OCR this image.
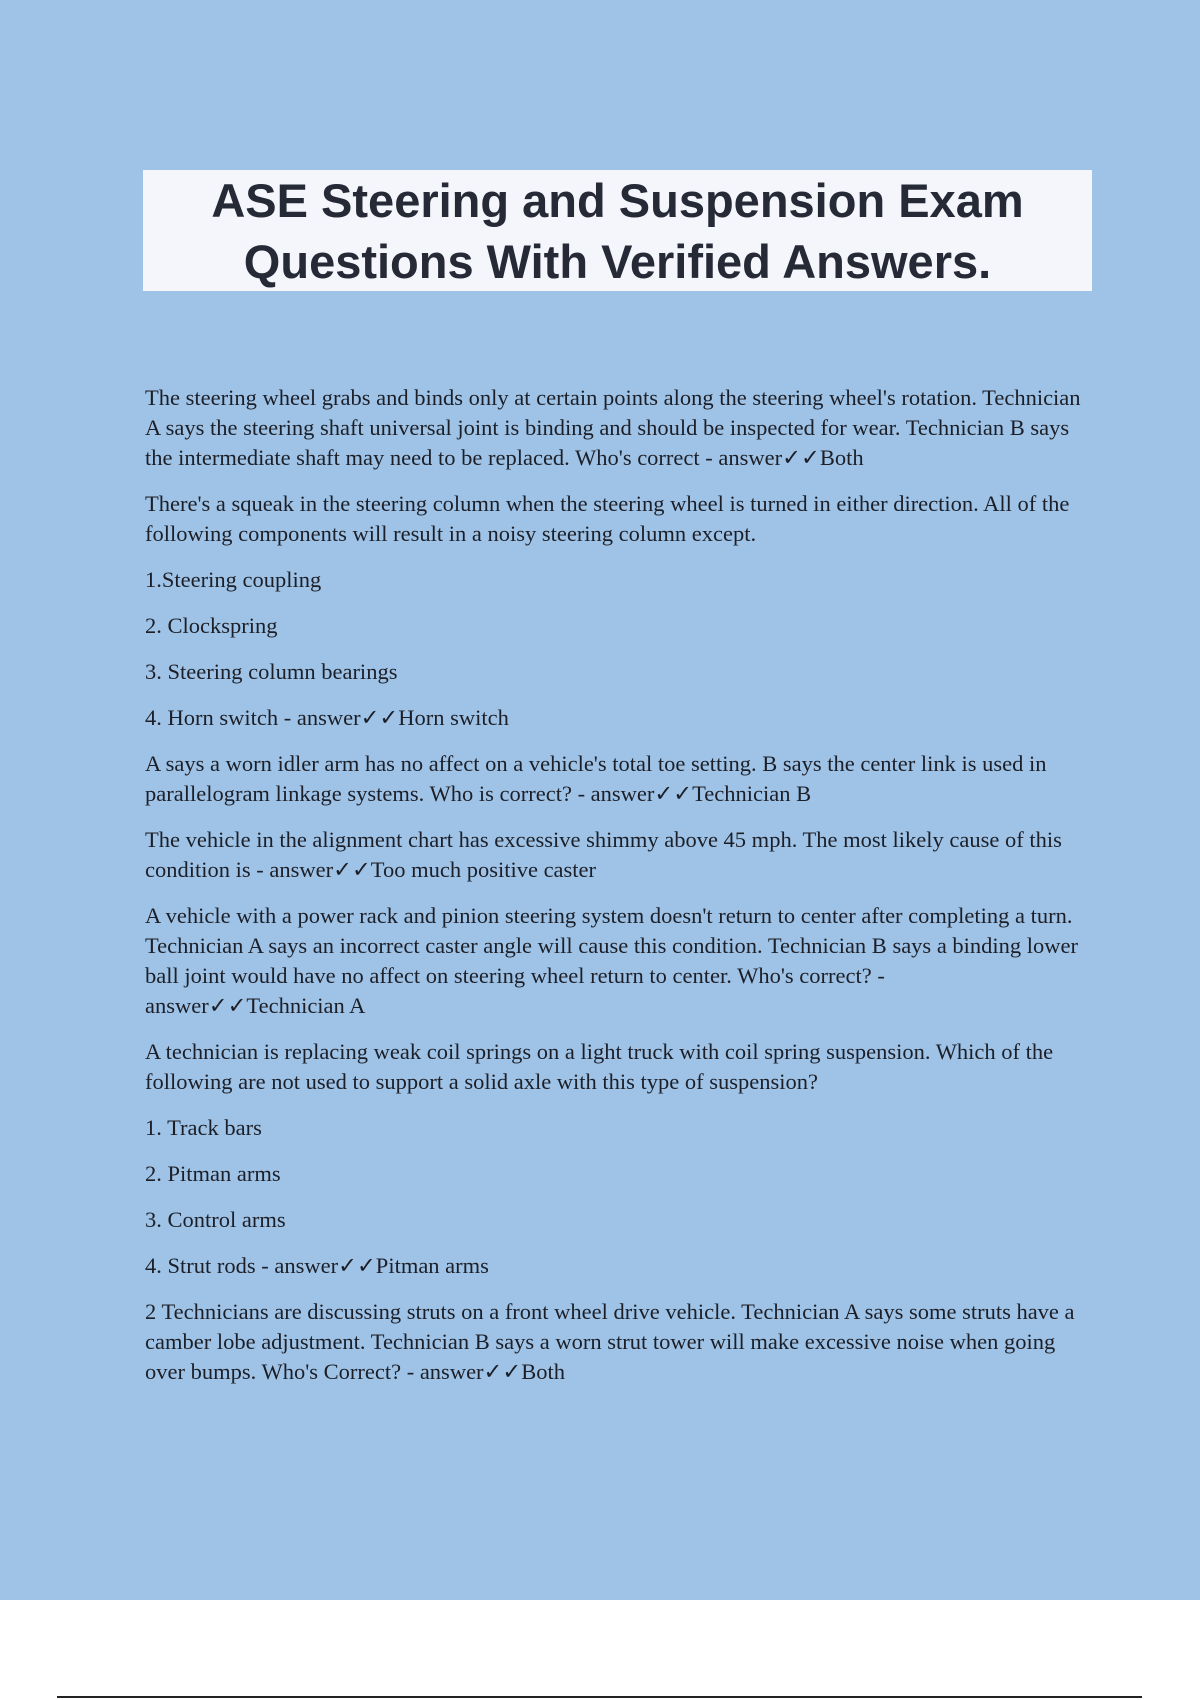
ASE Steering and Suspension Exam
Questions With Verified Answers.

The steering wheel grabs and binds only at certain points along the steering wheel's rotation. Technician A says the steering shaft universal joint is binding and should be inspected for wear. Technician B says the intermediate shaft may need to be replaced. Who's correct - answer✓✓Both

There's a squeak in the steering column when the steering wheel is turned in either direction. All of the following components will result in a noisy steering column except.

1.Steering coupling

2. Clockspring

3. Steering column bearings

4. Horn switch - answer✓✓Horn switch

A says a worn idler arm has no affect on a vehicle's total toe setting. B says the center link is used in parallelogram linkage systems. Who is correct? - answer✓✓Technician B

The vehicle in the alignment chart has excessive shimmy above 45 mph. The most likely cause of this condition is - answer✓✓Too much positive caster

A vehicle with a power rack and pinion steering system doesn't return to center after completing a turn. Technician A says an incorrect caster angle will cause this condition. Technician B says a binding lower ball joint would have no affect on steering wheel return to center. Who's correct? - answer✓✓Technician A

A technician is replacing weak coil springs on a light truck with coil spring suspension. Which of the following are not used to support a solid axle with this type of suspension?

1. Track bars

2. Pitman arms

3. Control arms

4. Strut rods - answer✓✓Pitman arms

2 Technicians are discussing struts on a front wheel drive vehicle. Technician A says some struts have a camber lobe adjustment. Technician B says a worn strut tower will make excessive noise when going over bumps. Who's Correct? - answer✓✓Both
